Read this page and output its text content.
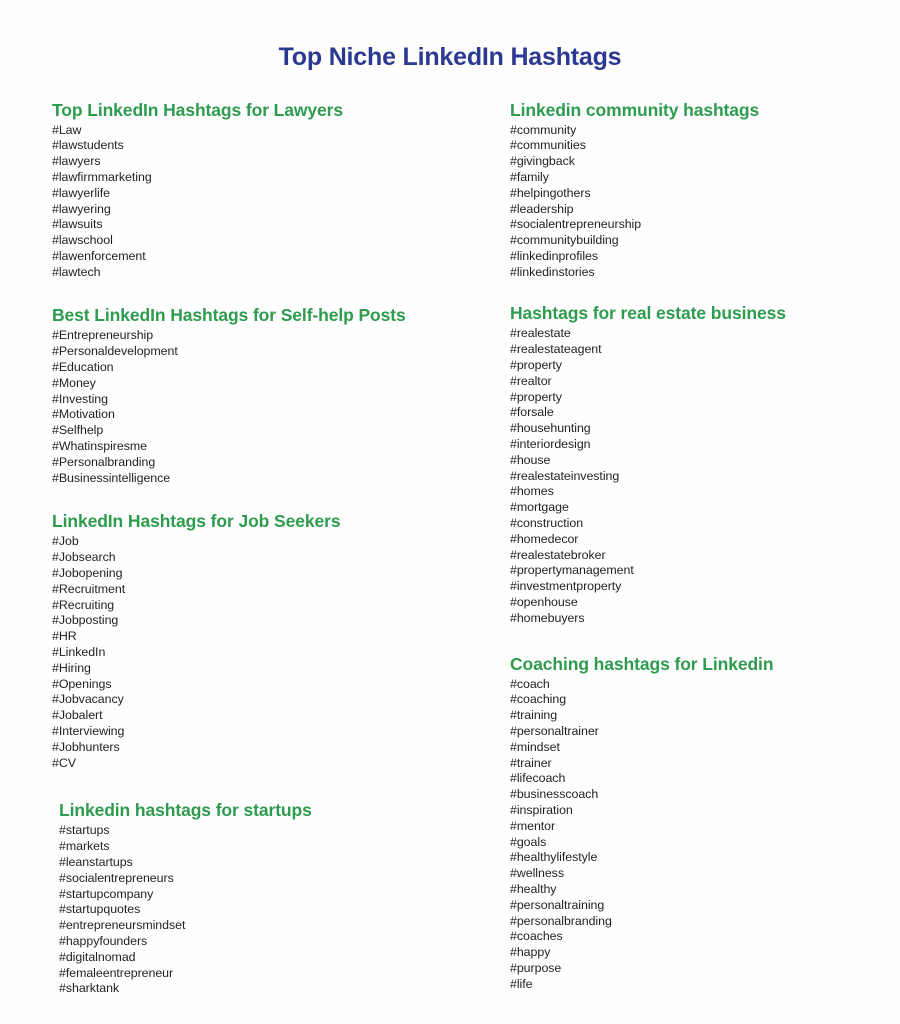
Top Niche LinkedIn Hashtags
Top LinkedIn Hashtags for Lawyers
#Law
#lawstudents
#lawyers
#lawfirmmarketing
#lawyerlife
#lawyering
#lawsuits
#lawschool
#lawenforcement
#lawtech
Best LinkedIn Hashtags for Self-help Posts
#Entrepreneurship
#Personaldevelopment
#Education
#Money
#Investing
#Motivation
#Selfhelp
#Whatinspiresme
#Personalbranding
#Businessintelligence
LinkedIn Hashtags for Job Seekers
#Job
#Jobsearch
#Jobopening
#Recruitment
#Recruiting
#Jobposting
#HR
#LinkedIn
#Hiring
#Openings
#Jobvacancy
#Jobalert
#Interviewing
#Jobhunters
#CV
Linkedin hashtags for startups
#startups
#markets
#leanstartups
#socialentrepreneurs
#startupcompany
#startupquotes
#entrepreneursmindset
#happyfounders
#digitalnomad
#femaleentrepreneur
#sharktank
Linkedin community hashtags
#community
#communities
#givingback
#family
#helpingothers
#leadership
#socialentrepreneurship
#communitybuilding
#linkedinprofiles
#linkedinstories
Hashtags for real estate business
#realestate
#realestateagent
#property
#realtor
#property
#forsale
#househunting
#interiordesign
#house
#realestateinvesting
#homes
#mortgage
#construction
#homedecor
#realestatebroker
#propertymanagement
#investmentproperty
#openhouse
#homebuyers
Coaching hashtags for Linkedin
#coach
#coaching
#training
#personaltrainer
#mindset
#trainer
#lifecoach
#businesscoach
#inspiration
#mentor
#goals
#healthylifestyle
#wellness
#healthy
#personaltraining
#personalbranding
#coaches
#happy
#purpose
#life
